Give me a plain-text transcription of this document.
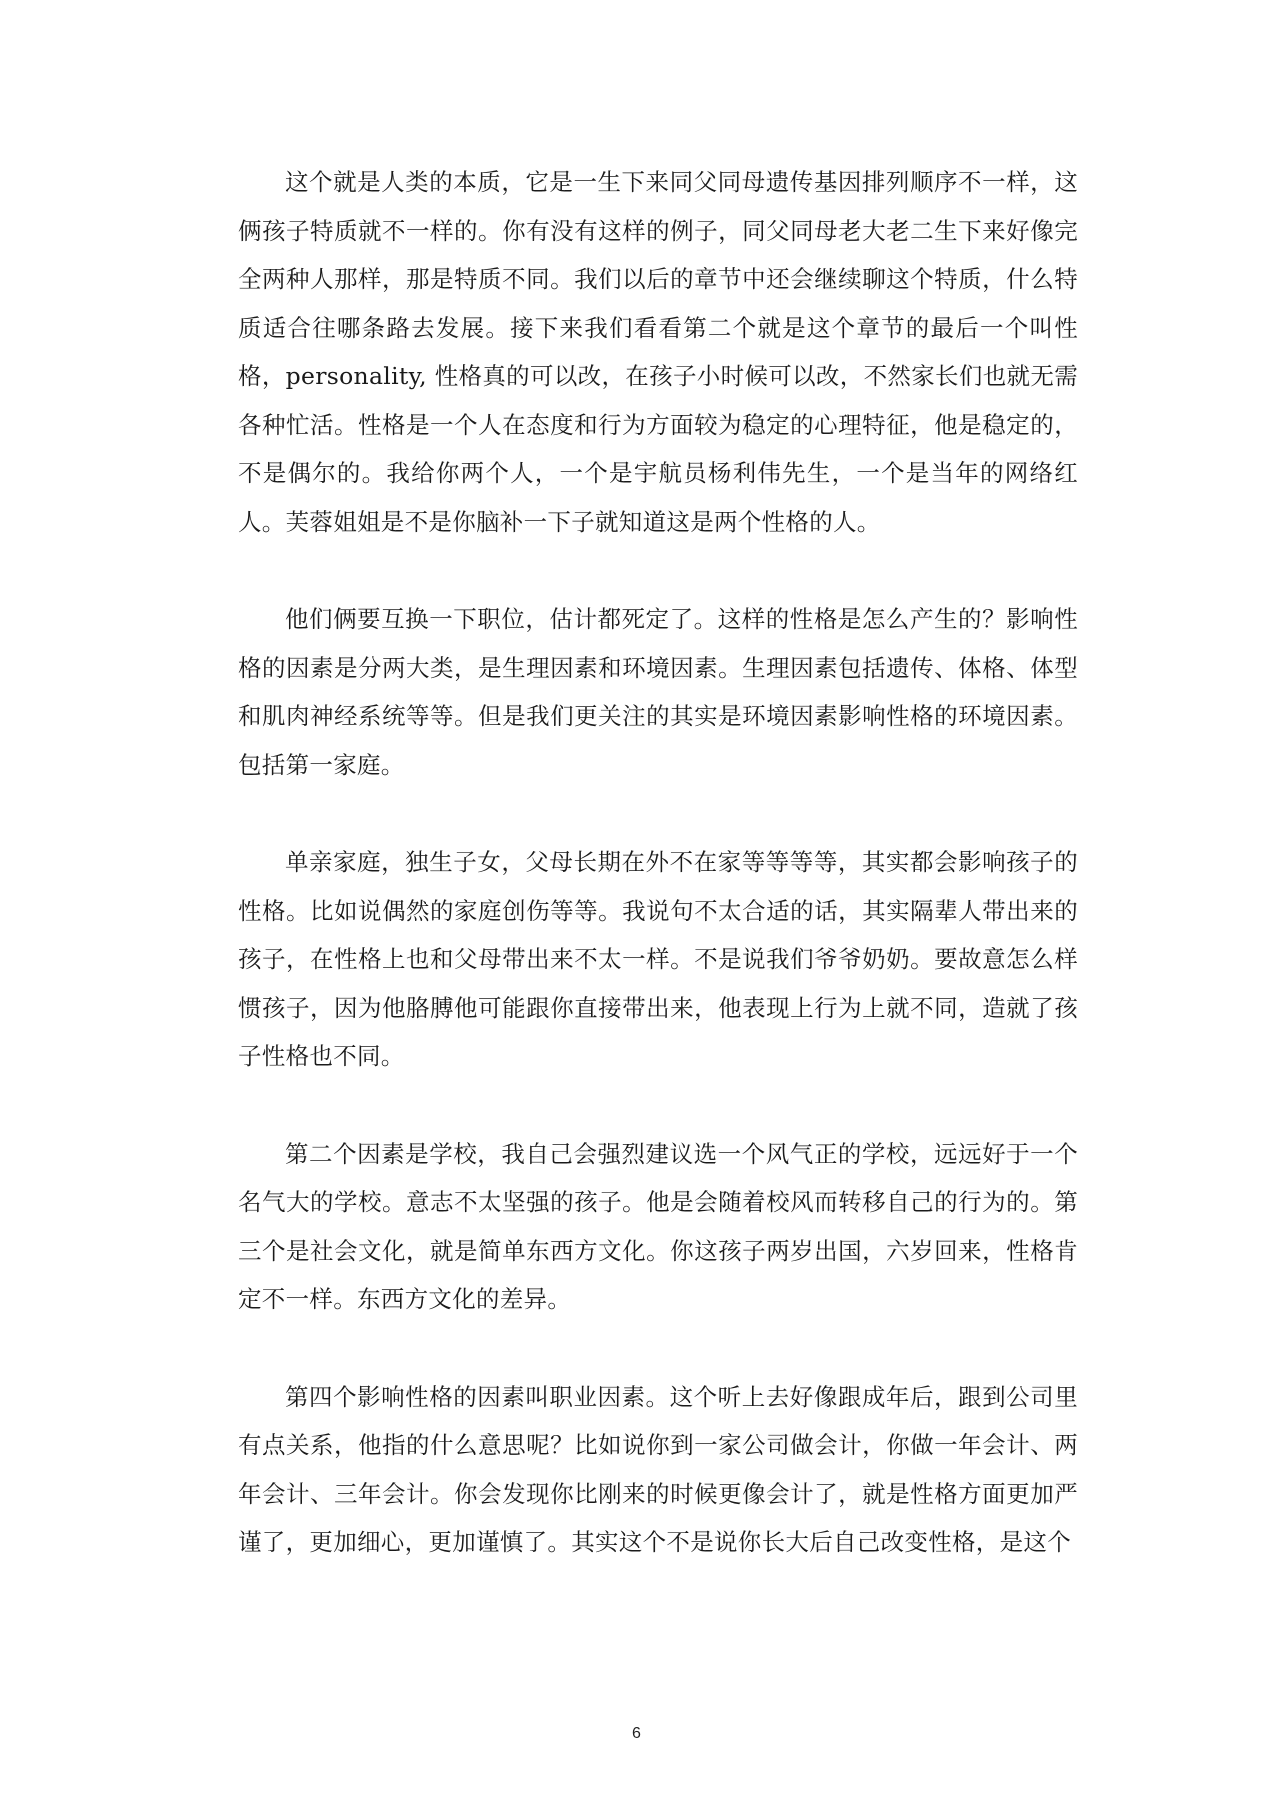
这个就是人类的本质，它是一生下来同父同母遗传基因排列顺序不一样，这俩孩子特质就不一样的。你有没有这样的例子，同父同母老大老二生下来好像完全两种人那样，那是特质不同。我们以后的章节中还会继续聊这个特质，什么特质适合往哪条路去发展。接下来我们看看第二个就是这个章节的最后一个叫性格，personality, 性格真的可以改，在孩子小时候可以改，不然家长们也就无需各种忙活。性格是一个人在态度和行为方面较为稳定的心理特征，他是稳定的，不是偶尔的。我给你两个人，一个是宇航员杨利伟先生，一个是当年的网络红人。芙蓉姐姐是不是你脑补一下子就知道这是两个性格的人。

他们俩要互换一下职位，估计都死定了。这样的性格是怎么产生的？影响性格的因素是分两大类，是生理因素和环境因素。生理因素包括遗传、体格、体型和肌肉神经系统等等。但是我们更关注的其实是环境因素影响性格的环境因素。包括第一家庭。

单亲家庭，独生子女，父母长期在外不在家等等等等，其实都会影响孩子的性格。比如说偶然的家庭创伤等等。我说句不太合适的话，其实隔辈人带出来的孩子，在性格上也和父母带出来不太一样。不是说我们爷爷奶奶。要故意怎么样惯孩子，因为他胳膊他可能跟你直接带出来，他表现上行为上就不同，造就了孩子性格也不同。

第二个因素是学校，我自己会强烈建议选一个风气正的学校，远远好于一个名气大的学校。意志不太坚强的孩子。他是会随着校风而转移自己的行为的。第三个是社会文化，就是简单东西方文化。你这孩子两岁出国，六岁回来，性格肯定不一样。东西方文化的差异。

第四个影响性格的因素叫职业因素。这个听上去好像跟成年后，跟到公司里有点关系，他指的什么意思呢？比如说你到一家公司做会计，你做一年会计、两年会计、三年会计。你会发现你比刚来的时候更像会计了，就是性格方面更加严谨了，更加细心，更加谨慎了。其实这个不是说你长大后自己改变性格，是这个

6
